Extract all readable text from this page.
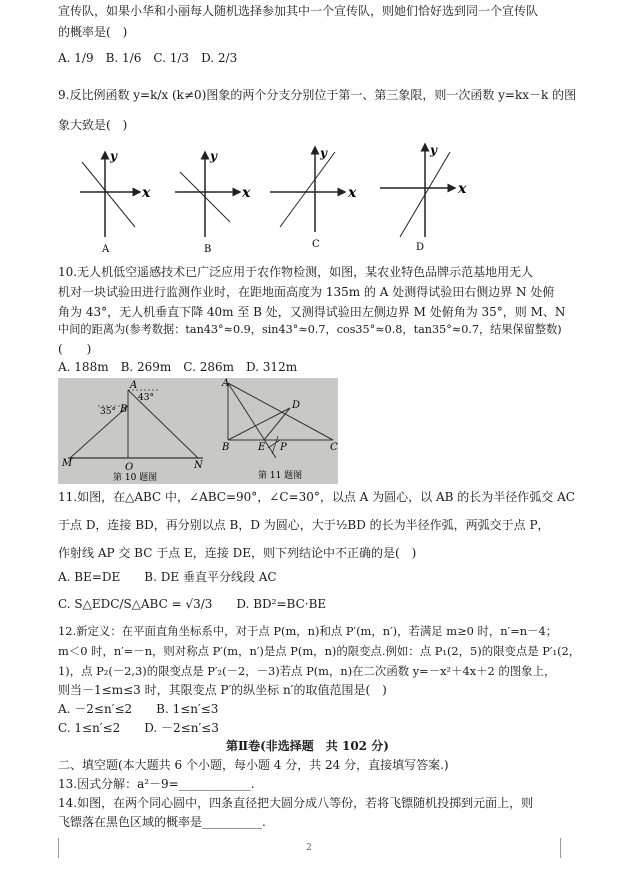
宣传队，如果小华和小丽每人随机选择参加其中一个宣传队，则她们恰好选到同一个宣传队
的概率是(　)
A. 1/9　B. 1/6　C. 1/3　D. 2/3
9.反比例函数 y=k/x (k≠0)图象的两个分支分别位于第一、第三象限，则一次函数 y=kx－k 的图
象大致是(　)
y
x
A
y
x
B
y
x
C
y
x
D
10.无人机低空遥感技术已广泛应用于农作物检测，如图，某农业特色品牌示范基地用无人
机对一块试验田进行监测作业时，在距地面高度为 135m 的 A 处测得试验田右侧边界 N 处俯
角为 43°，无人机垂直下降 40m 至 B 处，又测得试验田左侧边界 M 处俯角为 35°，则 M、N
中间的距离为(参考数据：tan43°≈0.9，sin43°≈0.7，cos35°≈0.8，tan35°≈0.7，结果保留整数)
(　　)
A. 188m　B. 269m　C. 286m　D. 312m
A
B
O
M	N
43°
35°
第 10 题图
A
B	C
D
E P
第 11 题图
11.如图，在△ABC 中，∠ABC=90°，∠C=30°，以点 A 为圆心，以 AB 的长为半径作弧交 AC
于点 D，连接 BD，再分别以点 B，D 为圆心，大于½BD 的长为半径作弧，两弧交于点 P，
作射线 AP 交 BC 于点 E，连接 DE，则下列结论中不正确的是(　)
A. BE=DE　　B. DE 垂直平分线段 AC
C. S△EDC/S△ABC = √3/3　　D. BD²=BC·BE
12.新定义：在平面直角坐标系中，对于点 P(m，n)和点 P′(m，n′)，若满足 m≥0 时，n′=n－4；
m＜0 时，n′=－n，则对称点 P′(m，n′)是点 P(m，n)的限变点.例如：点 P₁(2，5)的限变点是 P′₁(2，
1)，点 P₂(－2,3)的限变点是 P′₂(－2，－3)若点 P(m，n)在二次函数 y=－x²＋4x＋2 的图象上，
则当－1≤m≤3 时，其限变点 P′的纵坐标 n′的取值范围是(　)
A. －2≤n′≤2　　B. 1≤n′≤3
C. 1≤n′≤2　　D. －2≤n′≤3
第Ⅱ卷(非选择题　共 102 分)
二、填空题(本大题共 6 个小题，每小题 4 分，共 24 分，直接填写答案.)
13.因式分解：a²－9=____________.
14.如图，在两个同心圆中，四条直径把大圆分成八等份，若将飞镖随机投掷到元面上，则
飞镖落在黑色区域的概率是__________.
2
